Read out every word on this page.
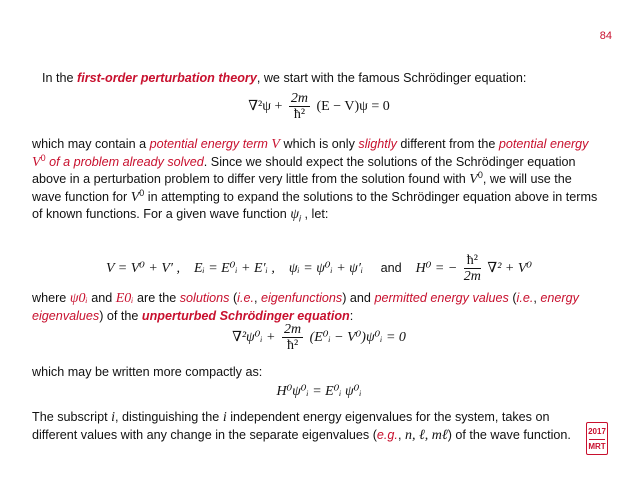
84

In the first-order perturbation theory, we start with the famous Schrödinger equation:

$\nabla^2\psi + \frac{2m}{\text{ħ²}} (E - V)\psi = 0$

which may contain a potential energy term V which is only slightly different from the potential energy $V^0$ of a problem already solved. Since we should expect the solutions of the Schrödinger equation above in a perturbation problem to differ very little from the solution found with $V^0$, we will use the wave function for $V^0$ in attempting to expand the solutions to the Schrödinger equation above in terms of known functions. For a given wave function $\psi_i$ , let:

V = V⁰ + V′ , Eᵢ = E⁰ᵢ + E′ᵢ , ψᵢ = ψ⁰ᵢ + ψ′ᵢ and H⁰ = − $\frac{\text{ħ²}}{2m} \nabla^2 + V^0$

where ψ0ᵢ and E0ᵢ are the solutions (i.e., eigenfunctions) and permitted energy values (i.e., energy eigenvalues) of the unperturbed Schrödinger equation:

∇²ψ⁰ᵢ + $\frac{2m}{\text{ħ²}}$ (E⁰ᵢ − V⁰)ψ⁰ᵢ = 0

which may be written more compactly as:

H⁰ψ⁰ᵢ = E⁰ᵢ ψ⁰ᵢ

The subscript i, distinguishing the i independent energy eigenvalues for the system, takes on different values with any change in the separate eigenvalues (e.g., n, ℓ, mℓ) of the wave function.	2017
MRT
